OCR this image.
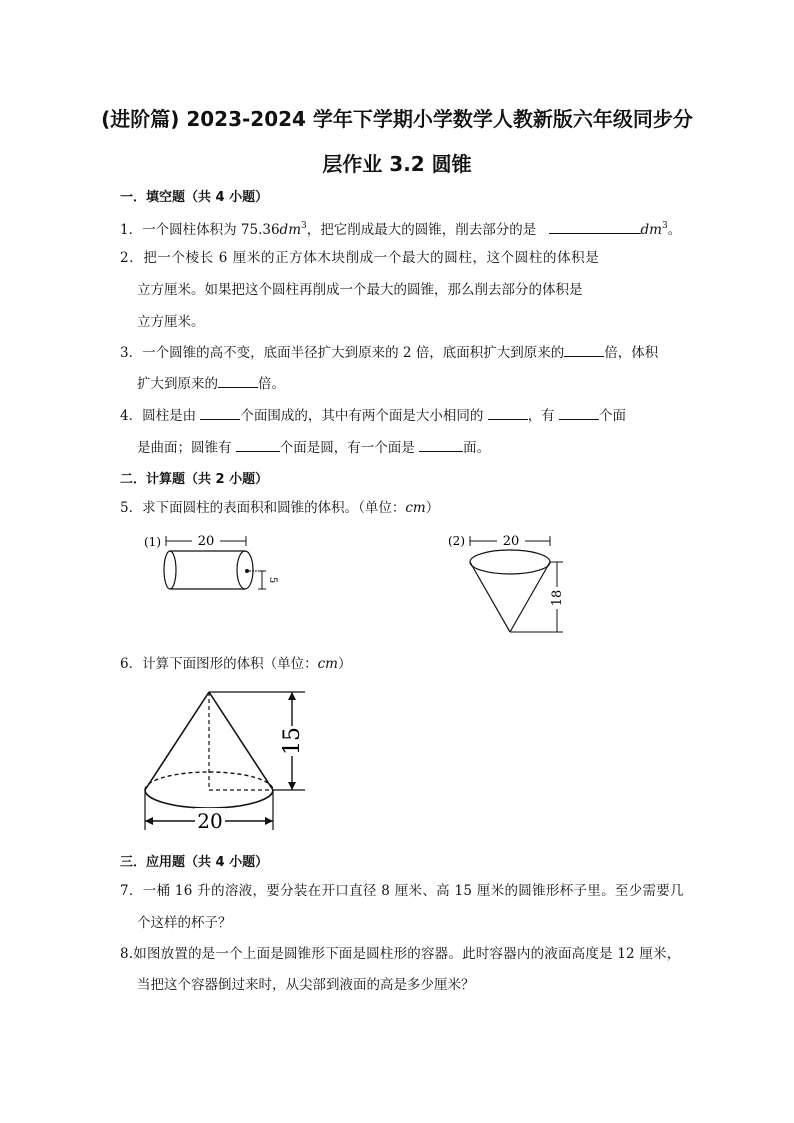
(进阶篇) 2023-2024 学年下学期小学数学人教新版六年级同步分
层作业 3.2 圆锥
一．填空题（共 4 小题）
1．一个圆柱体积为 $75.36dm^3$，把它削成最大的圆锥，削去部分的是	$dm^3$。
2．把一个棱长 6 厘米的正方体木块削成一个最大的圆柱，这个圆柱的体积是
立方厘米。如果把这个圆柱再削成一个最大的圆锥，那么削去部分的体积是
立方厘米。
3．一个圆锥的高不变，底面半径扩大到原来的 2 倍，底面积扩大到原来的	倍，体积
扩大到原来的	倍。
4．圆柱是由	个面围成的，其中有两个面是大小相同的	，有	个面
是曲面；圆锥有	个面是圆，有一个面是	面。
二．计算题（共 2 小题）
5．求下面圆柱的表面积和圆锥的体积。（单位：cm）
(1)	20
5
(2)	20
18
6．计算下面图形的体积（单位：cm）
15
20
三．应用题（共 4 小题）
7．一桶 16 升的溶液，要分装在开口直径 8 厘米、高 15 厘米的圆锥形杯子里。至少需要几
个这样的杯子？
8.如图放置的是一个上面是圆锥形下面是圆柱形的容器。此时容器内的液面高度是 12 厘米，
当把这个容器倒过来时，从尖部到液面的高是多少厘米？
